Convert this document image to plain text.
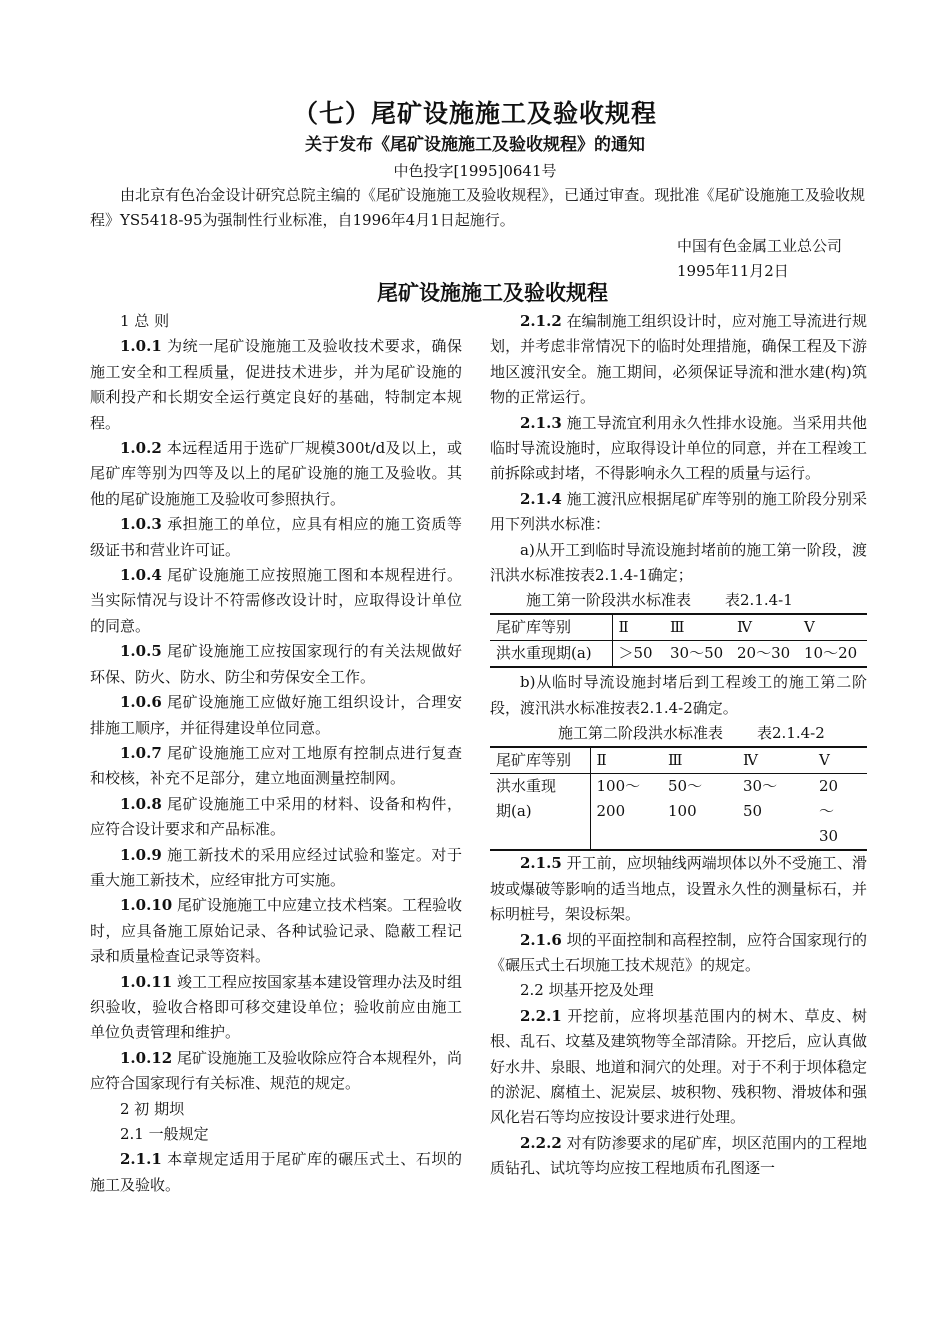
（七）尾矿设施施工及验收规程
关于发布《尾矿设施施工及验收规程》的通知
中色投字[1995]0641号
由北京有色冶金设计研究总院主编的《尾矿设施施工及验收规程》，已通过审查。现批准《尾矿设施施工及验收规程》YS5418-95为强制性行业标准，自1996年4月1日起施行。
中国有色金属工业总公司
1995年11月2日
尾矿设施施工及验收规程

1 总 则

1.0.1 为统一尾矿设施施工及验收技术要求，确保施工安全和工程质量，促进技术进步，并为尾矿设施的顺利投产和长期安全运行奠定良好的基础，特制定本规程。

1.0.2 本远程适用于选矿厂规模300t/d及以上，或尾矿库等别为四等及以上的尾矿设施的施工及验收。其他的尾矿设施施工及验收可参照执行。

1.0.3 承担施工的单位，应具有相应的施工资质等级证书和营业许可证。

1.0.4 尾矿设施施工应按照施工图和本规程进行。当实际情况与设计不符需修改设计时，应取得设计单位的同意。

1.0.5 尾矿设施施工应按国家现行的有关法规做好环保、防火、防水、防尘和劳保安全工作。

1.0.6 尾矿设施施工应做好施工组织设计，合理安排施工顺序，并征得建设单位同意。

1.0.7 尾矿设施施工应对工地原有控制点进行复查和校核，补充不足部分，建立地面测量控制网。

1.0.8 尾矿设施施工中采用的材料、设备和构件，应符合设计要求和产品标准。

1.0.9 施工新技术的采用应经过试验和鉴定。对于重大施工新技术，应经审批方可实施。

1.0.10 尾矿设施施工中应建立技术档案。工程验收时，应具备施工原始记录、各种试验记录、隐蔽工程记录和质量检查记录等资料。

1.0.11 竣工工程应按国家基本建设管理办法及时组织验收，验收合格即可移交建设单位；验收前应由施工单位负责管理和维护。

1.0.12 尾矿设施施工及验收除应符合本规程外，尚应符合国家现行有关标准、规范的规定。

2 初 期坝

2.1 一般规定

2.1.1 本章规定适用于尾矿库的碾压式土、石坝的施工及验收。

2.1.2 在编制施工组织设计时，应对施工导流进行规划，并考虑非常情况下的临时处理措施，确保工程及下游地区渡汛安全。施工期间，必须保证导流和泄水建(构)筑物的正常运行。

2.1.3 施工导流宜利用永久性排水设施。当采用共他临时导流设施时，应取得设计单位的同意，并在工程竣工前拆除或封堵，不得影响永久工程的质量与运行。

2.1.4 施工渡汛应根据尾矿库等别的施工阶段分别采用下列洪水标准：

a)从开工到临时导流设施封堵前的施工第一阶段，渡汛洪水标准按表2.1.4-1确定；

施工第一阶段洪水标准表 表2.1.4-1

尾矿库等别	Ⅱ	Ⅲ	Ⅳ	Ⅴ
洪水重现期(a)	＞50	30～50	20～30	10～20

b)从临时导流设施封堵后到工程竣工的施工第二阶段，渡汛洪水标准按表2.1.4-2确定。

施工第二阶段洪水标准表 表2.1.4-2

尾矿库等别	Ⅱ	Ⅲ	Ⅳ	Ⅴ
洪水重现期(a)	100～200	50～100	30～50	20～30

2.1.5 开工前，应坝轴线两端坝体以外不受施工、滑坡或爆破等影响的适当地点，设置永久性的测量标石，并标明桩号，架设标架。

2.1.6 坝的平面控制和高程控制，应符合国家现行的《碾压式土石坝施工技术规范》的规定。

2.2 坝基开挖及处理

2.2.1 开挖前，应将坝基范围内的树木、草皮、树根、乱石、坟墓及建筑物等全部清除。开挖后，应认真做好水井、泉眼、地道和洞穴的处理。对于不利于坝体稳定的淤泥、腐植土、泥炭层、坡积物、残积物、滑坡体和强风化岩石等均应按设计要求进行处理。

2.2.2 对有防渗要求的尾矿库，坝区范围内的工程地质钻孔、试坑等均应按工程地质布孔图逐一
